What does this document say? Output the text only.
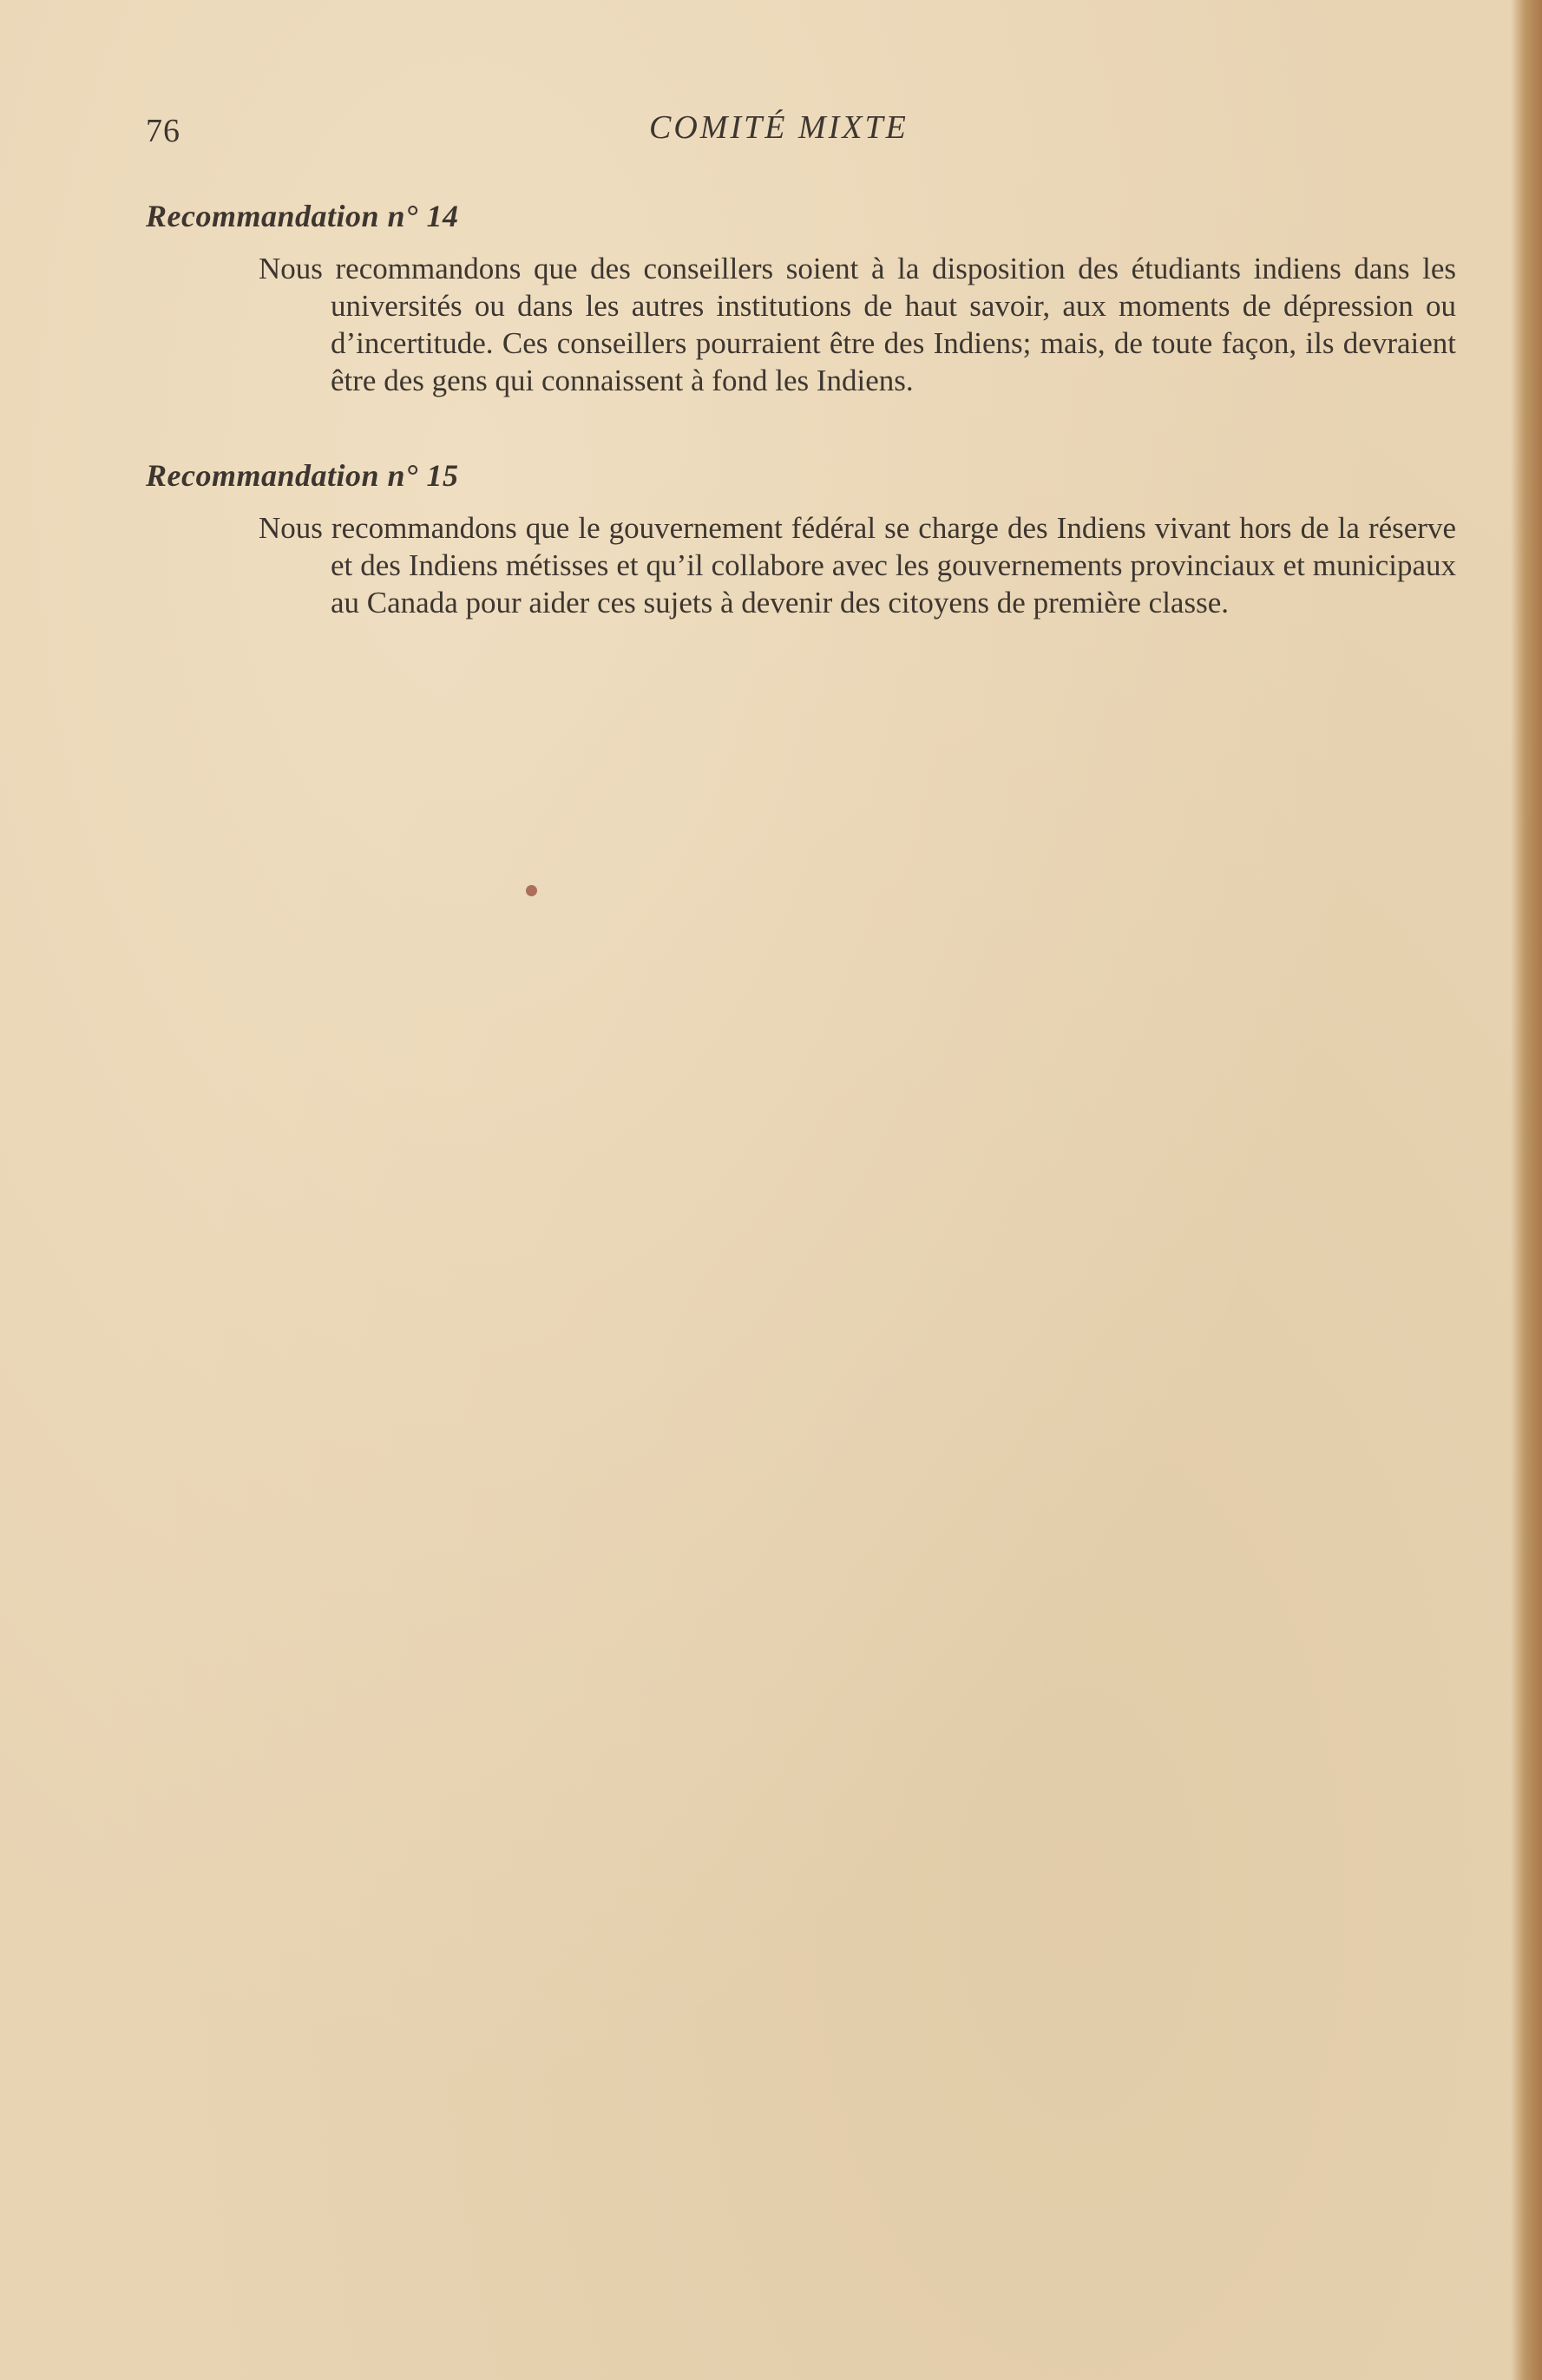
76	COMITÉ MIXTE
Recommandation n° 14

Nous recommandons que des conseillers soient à la disposition des étudiants indiens dans les universités ou dans les autres institutions de haut savoir, aux moments de dépression ou d’incertitude. Ces conseillers pourraient être des Indiens; mais, de toute façon, ils devraient être des gens qui connaissent à fond les Indiens.

Recommandation n° 15

Nous recommandons que le gouvernement fédéral se charge des Indiens vivant hors de la réserve et des Indiens métisses et qu’il collabore avec les gouvernements provinciaux et municipaux au Canada pour aider ces sujets à devenir des citoyens de première classe.
